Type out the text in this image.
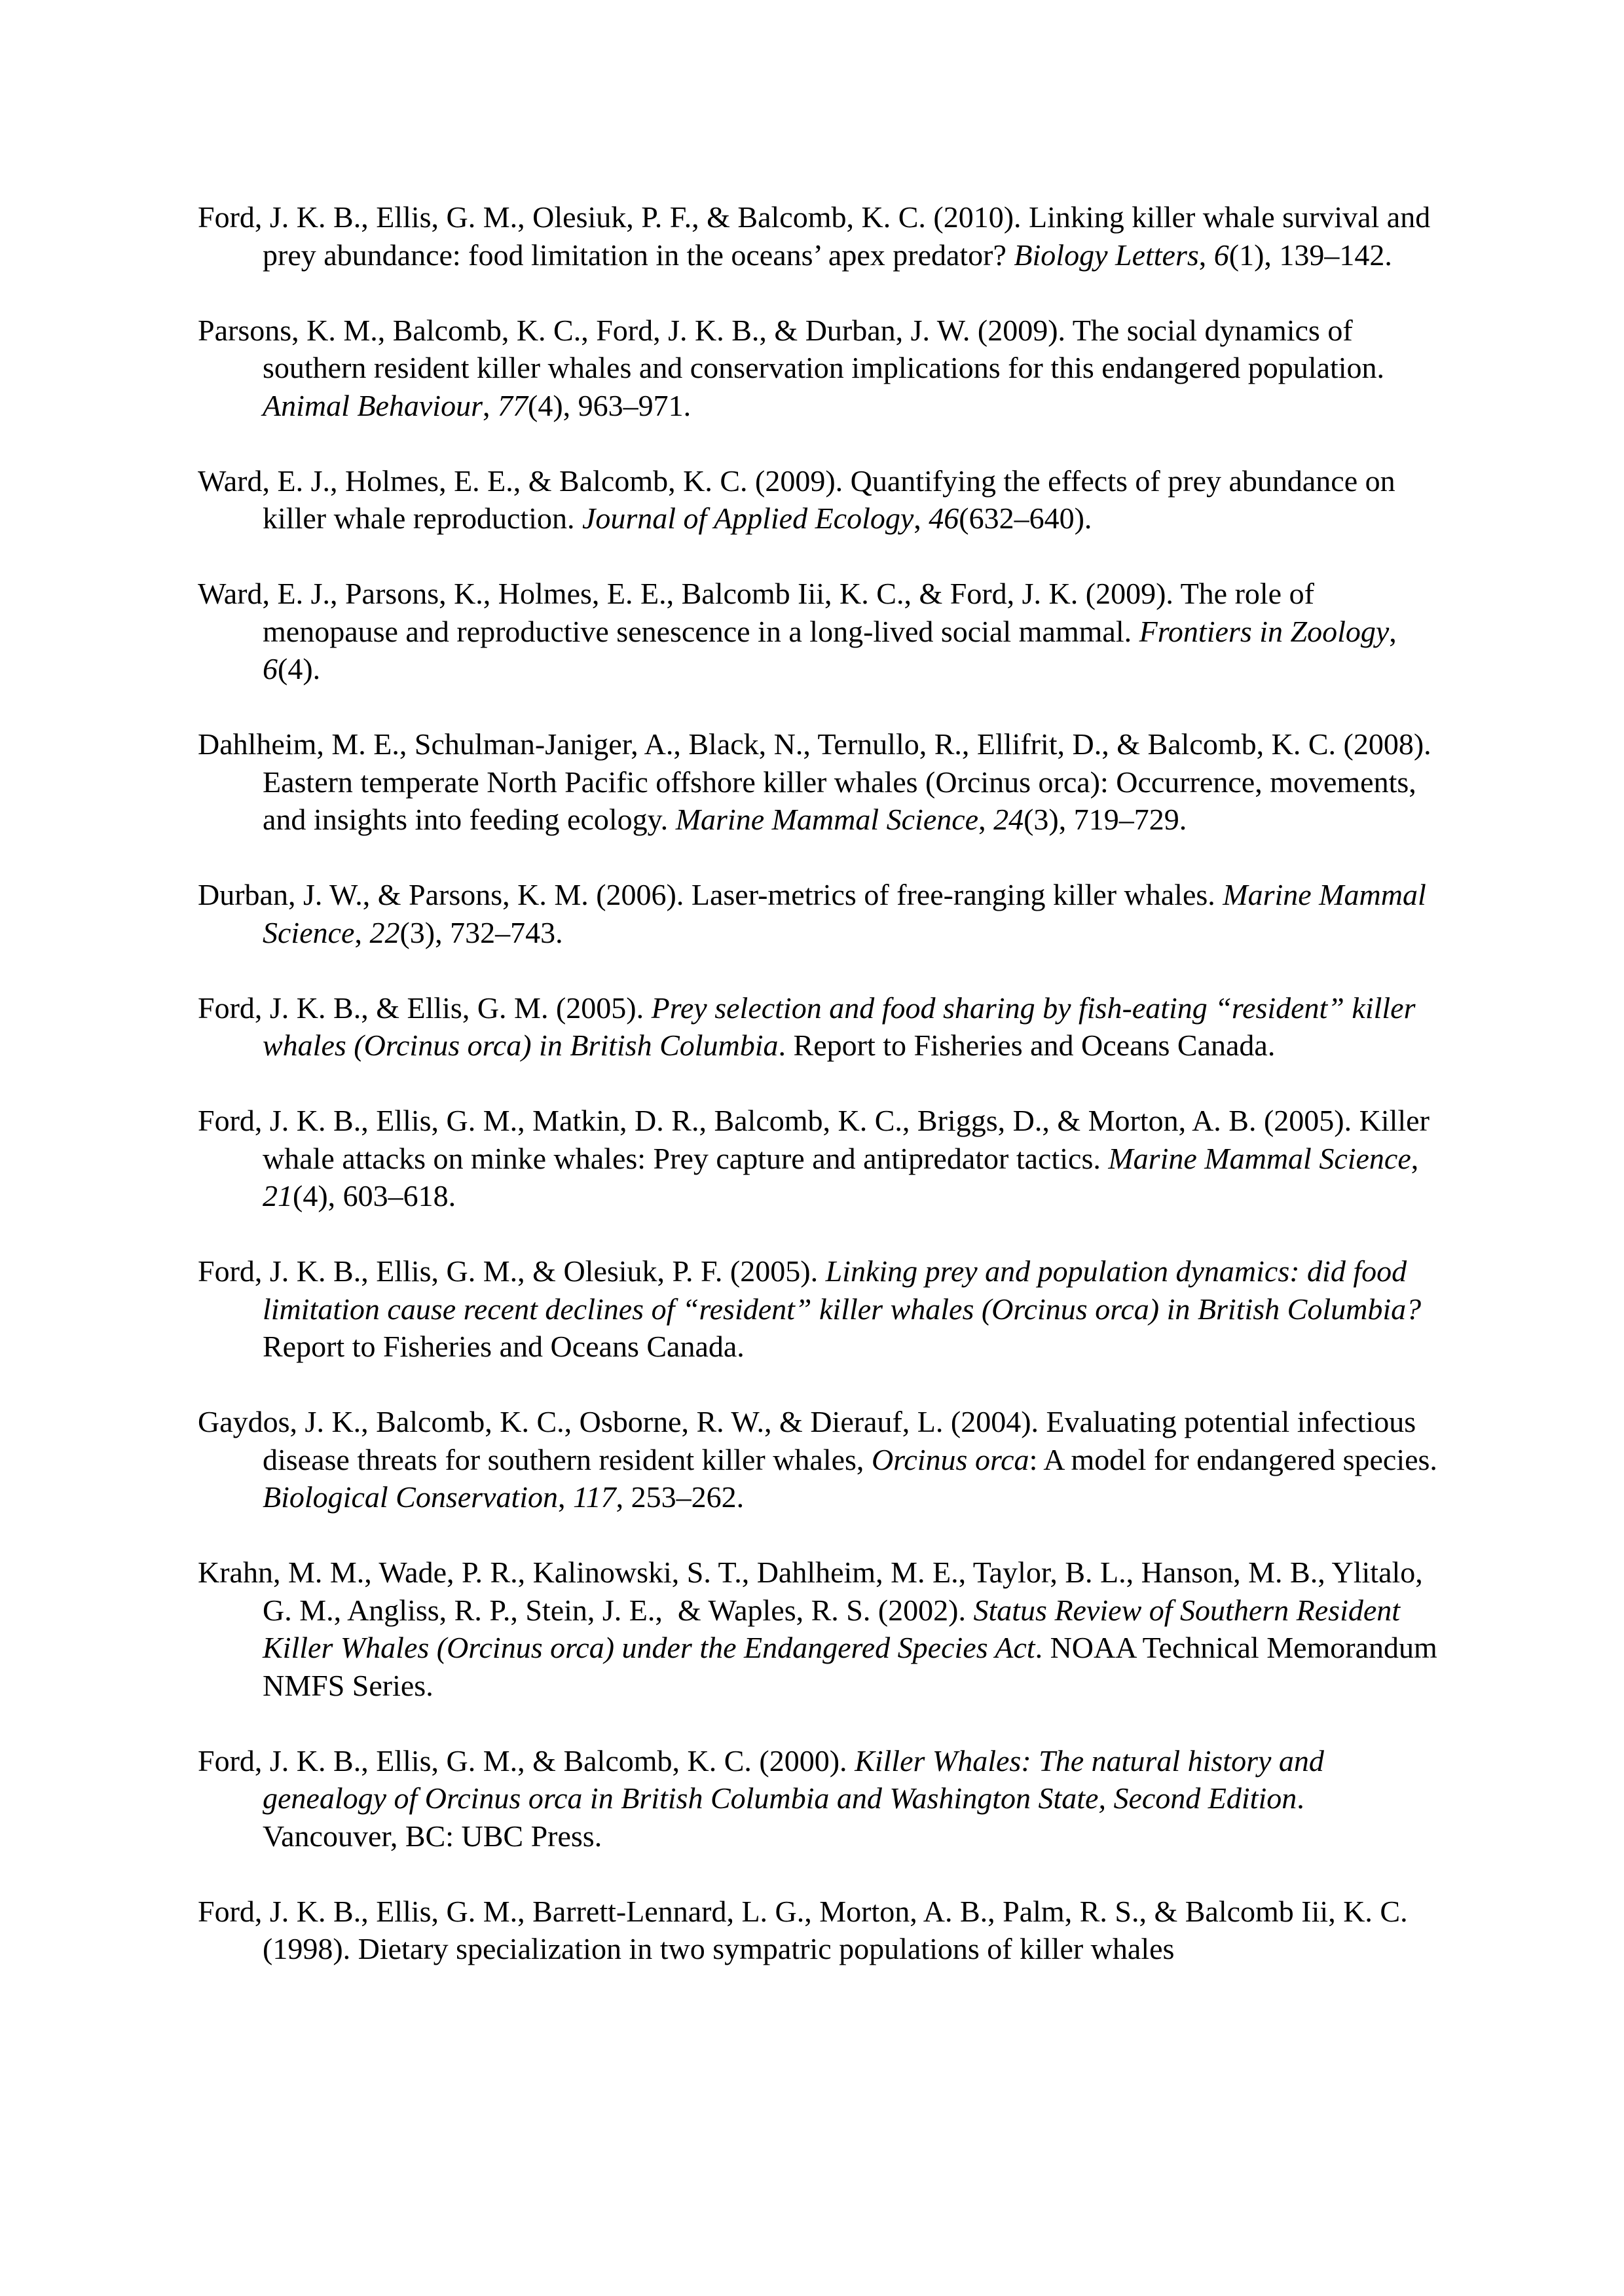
Ford, J. K. B., Ellis, G. M., Olesiuk, P. F., & Balcomb, K. C. (2010). Linking killer whale survival and prey abundance: food limitation in the oceans’ apex predator? Biology Letters, 6(1), 139–142.
Parsons, K. M., Balcomb, K. C., Ford, J. K. B., & Durban, J. W. (2009). The social dynamics of southern resident killer whales and conservation implications for this endangered population. Animal Behaviour, 77(4), 963–971.
Ward, E. J., Holmes, E. E., & Balcomb, K. C. (2009). Quantifying the effects of prey abundance on killer whale reproduction. Journal of Applied Ecology, 46(632–640).
Ward, E. J., Parsons, K., Holmes, E. E., Balcomb Iii, K. C., & Ford, J. K. (2009). The role of menopause and reproductive senescence in a long-lived social mammal. Frontiers in Zoology, 6(4).
Dahlheim, M. E., Schulman-Janiger, A., Black, N., Ternullo, R., Ellifrit, D., & Balcomb, K. C. (2008). Eastern temperate North Pacific offshore killer whales (Orcinus orca): Occurrence, movements, and insights into feeding ecology. Marine Mammal Science, 24(3), 719–729.
Durban, J. W., & Parsons, K. M. (2006). Laser-metrics of free-ranging killer whales. Marine Mammal Science, 22(3), 732–743.
Ford, J. K. B., & Ellis, G. M. (2005). Prey selection and food sharing by fish-eating “resident” killer whales (Orcinus orca) in British Columbia. Report to Fisheries and Oceans Canada.
Ford, J. K. B., Ellis, G. M., Matkin, D. R., Balcomb, K. C., Briggs, D., & Morton, A. B. (2005). Killer whale attacks on minke whales: Prey capture and antipredator tactics. Marine Mammal Science, 21(4), 603–618.
Ford, J. K. B., Ellis, G. M., & Olesiuk, P. F. (2005). Linking prey and population dynamics: did food limitation cause recent declines of “resident” killer whales (Orcinus orca) in British Columbia? Report to Fisheries and Oceans Canada.
Gaydos, J. K., Balcomb, K. C., Osborne, R. W., & Dierauf, L. (2004). Evaluating potential infectious disease threats for southern resident killer whales, Orcinus orca: A model for endangered species. Biological Conservation, 117, 253–262.
Krahn, M. M., Wade, P. R., Kalinowski, S. T., Dahlheim, M. E., Taylor, B. L., Hanson, M. B., Ylitalo, G. M., Angliss, R. P., Stein, J. E.,  & Waples, R. S. (2002). Status Review of Southern Resident Killer Whales (Orcinus orca) under the Endangered Species Act. NOAA Technical Memorandum NMFS Series.
Ford, J. K. B., Ellis, G. M., & Balcomb, K. C. (2000). Killer Whales: The natural history and genealogy of Orcinus orca in British Columbia and Washington State, Second Edition. Vancouver, BC: UBC Press.
Ford, J. K. B., Ellis, G. M., Barrett-Lennard, L. G., Morton, A. B., Palm, R. S., & Balcomb Iii, K. C. (1998). Dietary specialization in two sympatric populations of killer whales
